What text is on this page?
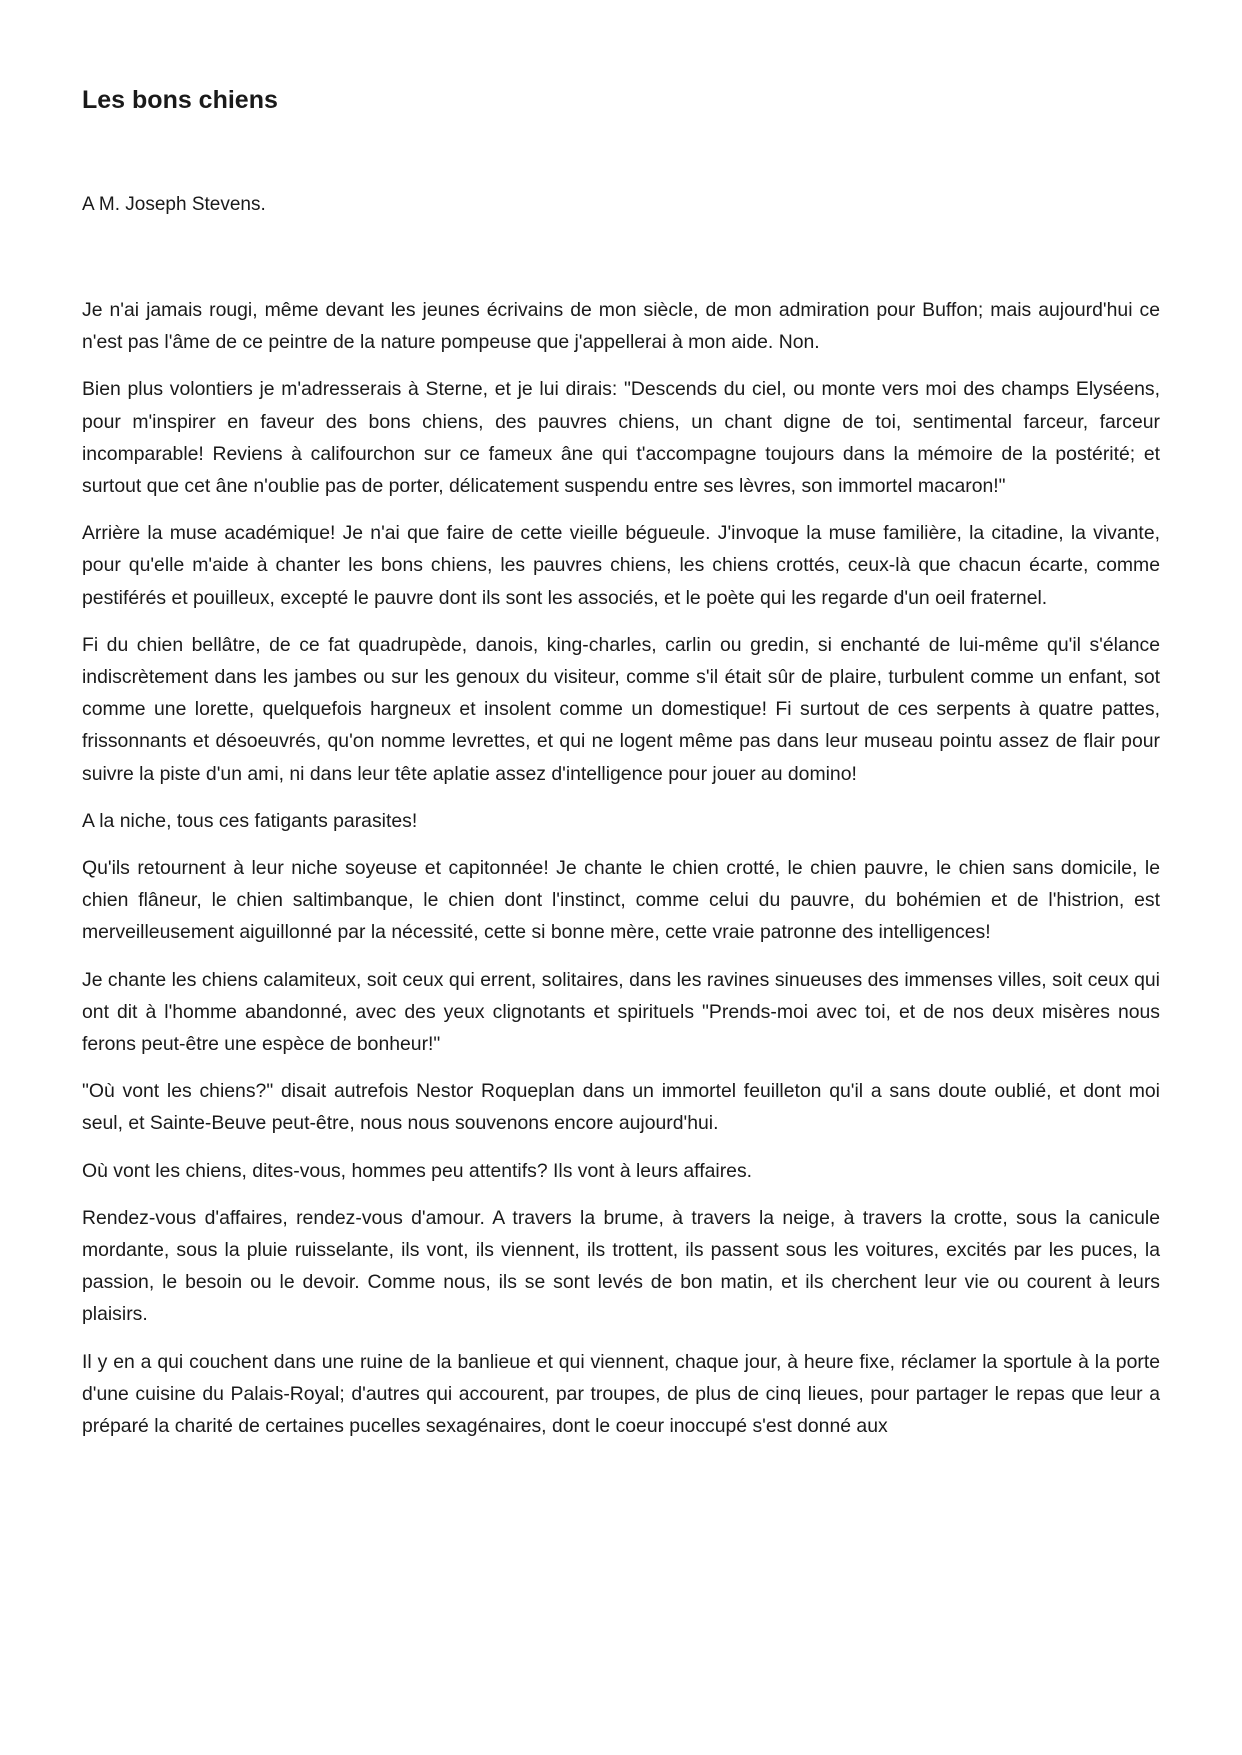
Les bons chiens

A M. Joseph Stevens.

Je n'ai jamais rougi, même devant les jeunes écrivains de mon siècle, de mon admiration pour Buffon; mais aujourd'hui ce n'est pas l'âme de ce peintre de la nature pompeuse que j'appellerai à mon aide. Non.

Bien plus volontiers je m'adresserais à Sterne, et je lui dirais: "Descends du ciel, ou monte vers moi des champs Elyséens, pour m'inspirer en faveur des bons chiens, des pauvres chiens, un chant digne de toi, sentimental farceur, farceur incomparable! Reviens à califourchon sur ce fameux âne qui t'accompagne toujours dans la mémoire de la postérité; et surtout que cet âne n'oublie pas de porter, délicatement suspendu entre ses lèvres, son immortel macaron!"

Arrière la muse académique! Je n'ai que faire de cette vieille bégueule. J'invoque la muse familière, la citadine, la vivante, pour qu'elle m'aide à chanter les bons chiens, les pauvres chiens, les chiens crottés, ceux-là que chacun écarte, comme pestiférés et pouilleux, excepté le pauvre dont ils sont les associés, et le poète qui les regarde d'un oeil fraternel.

Fi du chien bellâtre, de ce fat quadrupède, danois, king-charles, carlin ou gredin, si enchanté de lui-même qu'il s'élance indiscrètement dans les jambes ou sur les genoux du visiteur, comme s'il était sûr de plaire, turbulent comme un enfant, sot comme une lorette, quelquefois hargneux et insolent comme un domestique! Fi surtout de ces serpents à quatre pattes, frissonnants et désoeuvrés, qu'on nomme levrettes, et qui ne logent même pas dans leur museau pointu assez de flair pour suivre la piste d'un ami, ni dans leur tête aplatie assez d'intelligence pour jouer au domino!

A la niche, tous ces fatigants parasites!

Qu'ils retournent à leur niche soyeuse et capitonnée! Je chante le chien crotté, le chien pauvre, le chien sans domicile, le chien flâneur, le chien saltimbanque, le chien dont l'instinct, comme celui du pauvre, du bohémien et de l'histrion, est merveilleusement aiguillonné par la nécessité, cette si bonne mère, cette vraie patronne des intelligences!

Je chante les chiens calamiteux, soit ceux qui errent, solitaires, dans les ravines sinueuses des immenses villes, soit ceux qui ont dit à l'homme abandonné, avec des yeux clignotants et spirituels "Prends-moi avec toi, et de nos deux misères nous ferons peut-être une espèce de bonheur!"

"Où vont les chiens?" disait autrefois Nestor Roqueplan dans un immortel feuilleton qu'il a sans doute oublié, et dont moi seul, et Sainte-Beuve peut-être, nous nous souvenons encore aujourd'hui.

Où vont les chiens, dites-vous, hommes peu attentifs? Ils vont à leurs affaires.

Rendez-vous d'affaires, rendez-vous d'amour. A travers la brume, à travers la neige, à travers la crotte, sous la canicule mordante, sous la pluie ruisselante, ils vont, ils viennent, ils trottent, ils passent sous les voitures, excités par les puces, la passion, le besoin ou le devoir. Comme nous, ils se sont levés de bon matin, et ils cherchent leur vie ou courent à leurs plaisirs.

Il y en a qui couchent dans une ruine de la banlieue et qui viennent, chaque jour, à heure fixe, réclamer la sportule à la porte d'une cuisine du Palais-Royal; d'autres qui accourent, par troupes, de plus de cinq lieues, pour partager le repas que leur a préparé la charité de certaines pucelles sexagénaires, dont le coeur inoccupé s'est donné aux
